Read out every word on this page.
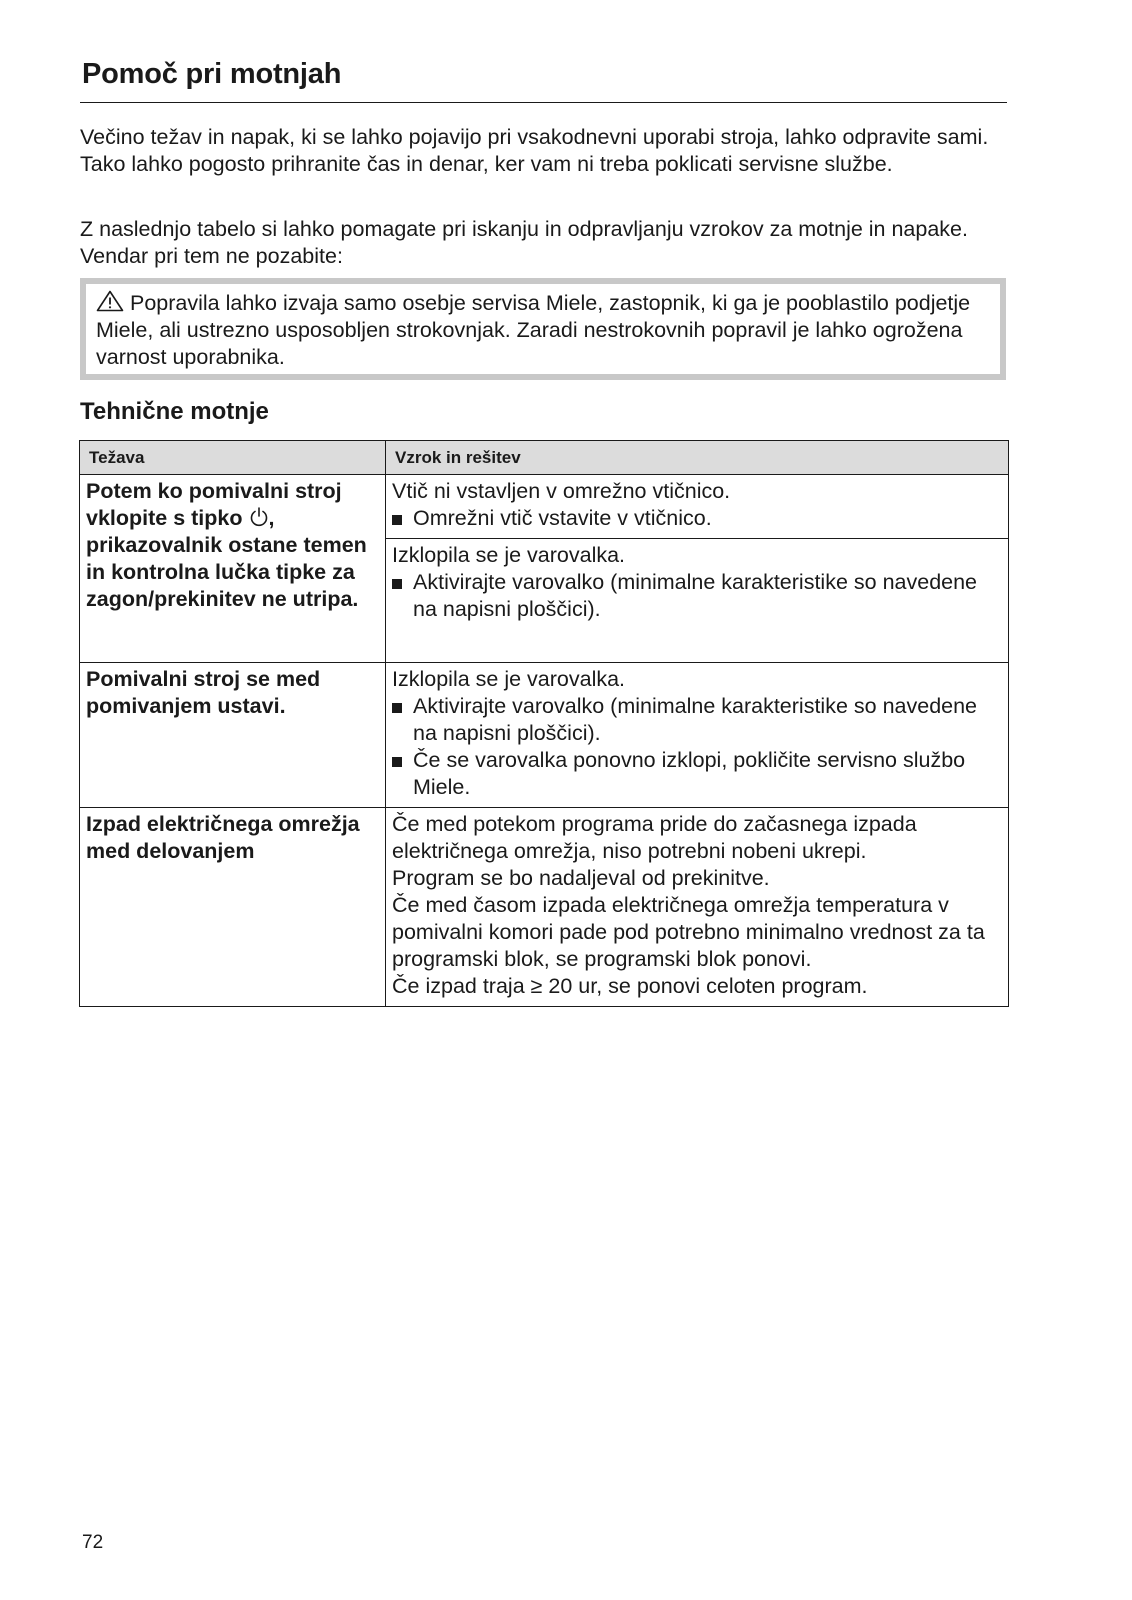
Pomoč pri motnjah

Večino težav in napak, ki se lahko pojavijo pri vsakodnevni uporabi stroja, lahko odpravite sami. Tako lahko pogosto prihranite čas in denar, ker vam ni treba poklicati servisne službe.

Z naslednjo tabelo si lahko pomagate pri iskanju in odpravljanju vzrokov za motnje in napake. Vendar pri tem ne pozabite:

Popravila lahko izvaja samo osebje servisa Miele, zastopnik, ki ga je pooblastilo podjetje Miele, ali ustrezno usposobljen strokovnjak. Zaradi nestrokovnih popravil je lahko ogrožena varnost uporabnika.
Tehnične motnje
Težava	Vzrok in rešitev
Potem ko pomivalni stroj vklopite s tipko , prikazovalnik ostane temen in kontrolna lučka tipke za zagon/prekinitev ne utripa.	Vtič ni vstavljen v omrežno vtičnico.
Omrežni vtič vstavite v vtičnico.

	Izklopila se je varovalka.
Aktivirajte varovalko (minimalne karakteristike so navedene na napisni ploščici).

Pomivalni stroj se med pomivanjem ustavi.	Izklopila se je varovalka.
Aktivirajte varovalko (minimalne karakteristike so navedene na napisni ploščici).
Če se varovalka ponovno izklopi, pokličite servisno službo Miele.

Izpad električnega omrežja med delovanjem	Če med potekom programa pride do začasnega izpada električnega omrežja, niso potrebni nobeni ukrepi.
Program se bo nadaljeval od prekinitve.
Če med časom izpada električnega omrežja temperatura v pomivalni komori pade pod potrebno minimalno vrednost za ta programski blok, se programski blok ponovi.
Če izpad traja ≥ 20 ur, se ponovi celoten program.
72
